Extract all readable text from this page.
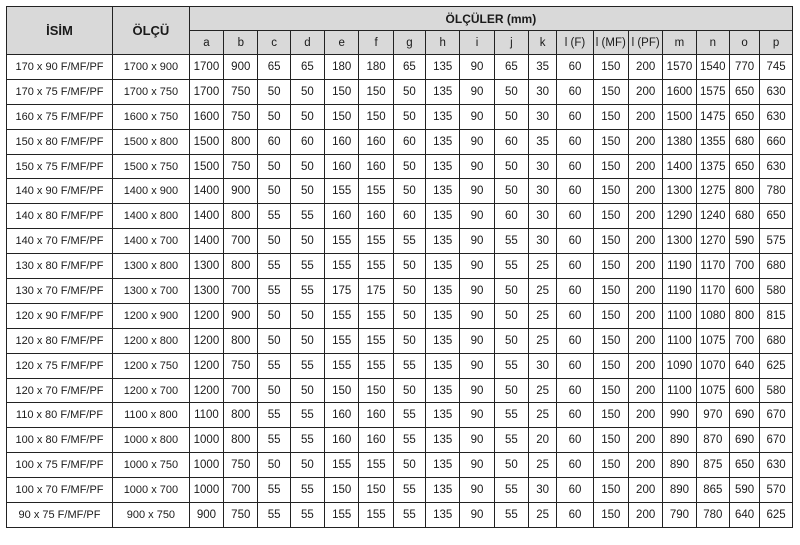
İSİM	ÖLÇÜ	ÖLÇÜLER (mm)																	
		a	b	c	d	e	f	g	h	i	j	k	l (F)	l (MF)	l (PF)	m	n	o	p
170 x 90 F/MF/PF	1700 x 900	1700	900	65	65	180	180	65	135	90	65	35	60	150	200	1570	1540	770	745
170 x 75 F/MF/PF	1700 x 750	1700	750	50	50	150	150	50	135	90	50	30	60	150	200	1600	1575	650	630
160 x 75 F/MF/PF	1600 x 750	1600	750	50	50	150	150	50	135	90	50	30	60	150	200	1500	1475	650	630
150 x 80 F/MF/PF	1500 x 800	1500	800	60	60	160	160	60	135	90	60	35	60	150	200	1380	1355	680	660
150 x 75 F/MF/PF	1500 x 750	1500	750	50	50	160	160	50	135	90	50	30	60	150	200	1400	1375	650	630
140 x 90 F/MF/PF	1400 x 900	1400	900	50	50	155	155	50	135	90	50	30	60	150	200	1300	1275	800	780
140 x 80 F/MF/PF	1400 x 800	1400	800	55	55	160	160	60	135	90	60	30	60	150	200	1290	1240	680	650
140 x 70 F/MF/PF	1400 x 700	1400	700	50	50	155	155	55	135	90	55	30	60	150	200	1300	1270	590	575
130 x 80 F/MF/PF	1300 x 800	1300	800	55	55	155	155	50	135	90	55	25	60	150	200	1190	1170	700	680
130 x 70 F/MF/PF	1300 x 700	1300	700	55	55	175	175	50	135	90	50	25	60	150	200	1190	1170	600	580
120 x 90 F/MF/PF	1200 x 900	1200	900	50	50	155	155	50	135	90	50	25	60	150	200	1100	1080	800	815
120 x 80 F/MF/PF	1200 x 800	1200	800	50	50	155	155	50	135	90	50	25	60	150	200	1100	1075	700	680
120 x 75 F/MF/PF	1200 x 750	1200	750	55	55	155	155	55	135	90	55	30	60	150	200	1090	1070	640	625
120 x 70 F/MF/PF	1200 x 700	1200	700	50	50	150	150	50	135	90	50	25	60	150	200	1100	1075	600	580
110 x 80 F/MF/PF	1100 x 800	1100	800	55	55	160	160	55	135	90	55	25	60	150	200	990	970	690	670
100 x 80 F/MF/PF	1000 x 800	1000	800	55	55	160	160	55	135	90	55	20	60	150	200	890	870	690	670
100 x 75 F/MF/PF	1000 x 750	1000	750	50	50	155	155	50	135	90	50	25	60	150	200	890	875	650	630
100 x 70 F/MF/PF	1000 x 700	1000	700	55	55	150	150	55	135	90	55	30	60	150	200	890	865	590	570
90 x 75 F/MF/PF	900 x 750	900	750	55	55	155	155	55	135	90	55	25	60	150	200	790	780	640	625
